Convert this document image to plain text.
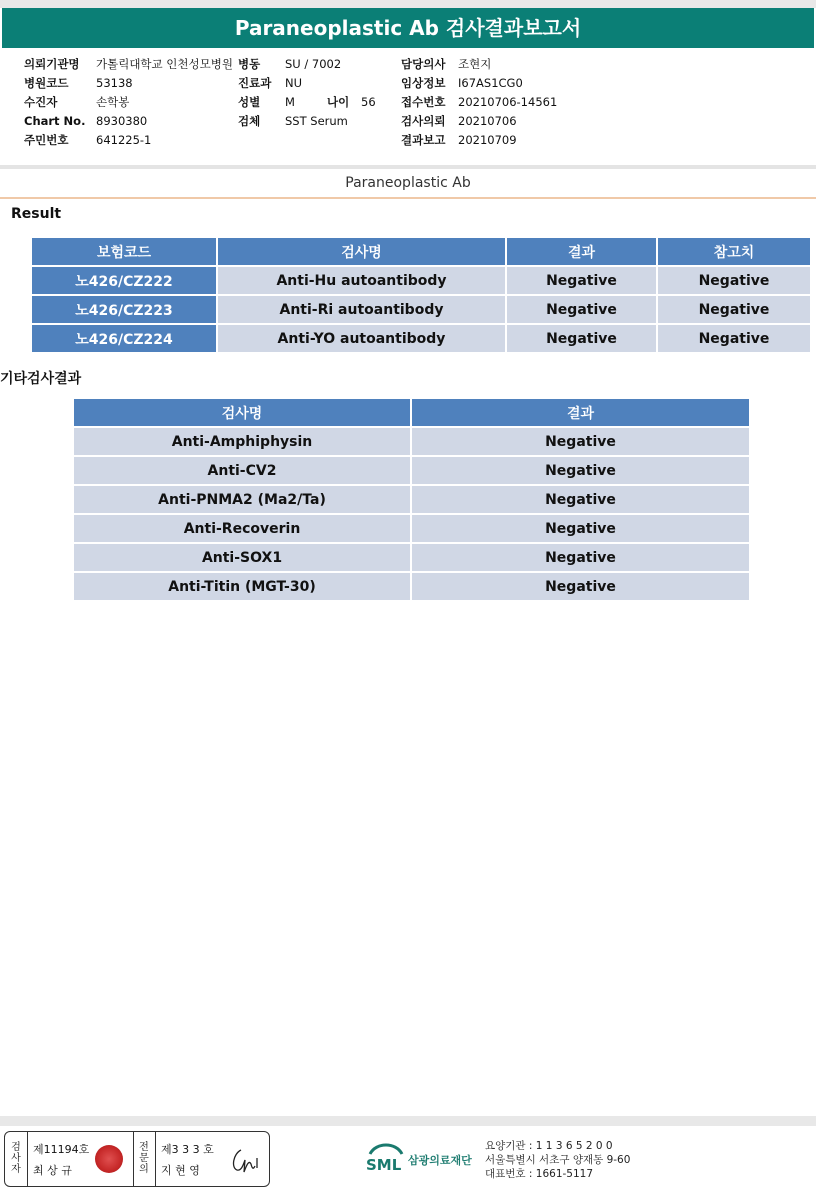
Paraneoplastic Ab 검사결과보고서
의뢰기관명 가톨릭대학교 인천성모병원
병원코드 53138
수진자	손학봉
Chart No. 8930380
주민번호 641225-1
병동 SU / 7002
진료과 NU
성별 M	나이 56
검체 SST Serum
담당의사 조현지
임상정보 I67AS1CG0
접수번호 20210706-14561
검사의뢰 20210706
결과보고 20210709
Paraneoplastic Ab
Result
보험코드	검사명	결과	참고치
노426/CZ222	Anti-Hu autoantibody	Negative	Negative
노426/CZ223	Anti-Ri autoantibody	Negative	Negative
노426/CZ224	Anti-YO autoantibody	Negative	Negative
기타검사결과
검사명	결과
Anti-Amphiphysin	Negative
Anti-CV2	Negative
Anti-PNMA2 (Ma2/Ta)	Negative
Anti-Recoverin	Negative
Anti-SOX1	Negative
Anti-Titin (MGT-30)	Negative
검사자
제11194호
최 상 규
전문의
제3 3 3 호
지 현 영	SML 삼광의료재단
요양기관 : 1 1 3 6 5 2 0 0
서울특별시 서초구 양재동 9-60
대표번호 : 1661-5117
